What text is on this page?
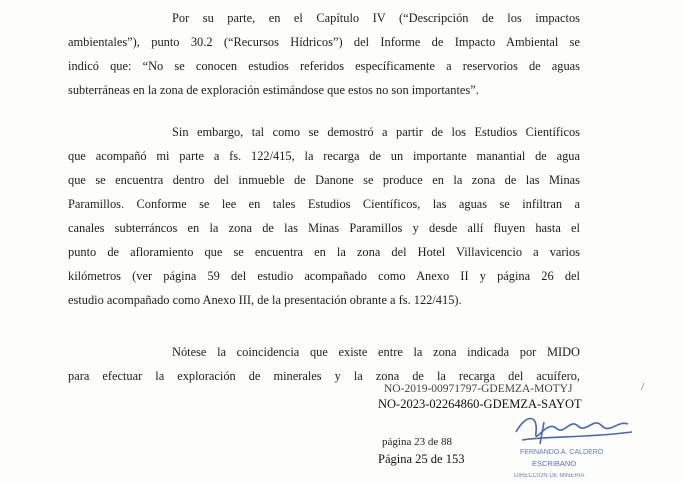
Por su parte, en el Capítulo IV (“Descripción de los impactos
ambientales”), punto 30.2 (“Recursos Hídricos”) del Informe de Impacto Ambiental se
indicó que: “No se conocen estudios referidos específicamente a reservorios de aguas
subterráneas en la zona de exploración estimándose que estos no son importantes”.
Sin embargo, tal como se demostró a partir de los Estudios Científicos
que acompañó mi parte a fs. 122/415, la recarga de un importante manantial de agua
que se encuentra dentro del inmueble de Danone se produce en la zona de las Minas
Paramillos. Conforme se lee en tales Estudios Científicos, las aguas se infiltran a
canales subterráncos en la zona de las Minas Paramillos y desde allí fluyen hasta el
punto de afloramiento que se encuentra en la zona del Hotel Villavicencio a varios
kilómetros (ver página 59 del estudio acompañado como Anexo II y página 26 del
estudio acompañado como Anexo III, de la presentación obrante a fs. 122/415).
Nótese la coincidencia que existe entre la zona indicada por MIDO
para efectuar la exploración de minerales y la zona de la recarga del acuífero,
NO-2019-00971797-GDEMZA-MOTYJ
NO-2023-02264860-GDEMZA-SAYOT
/
FERNANDO A. CALDERO
ESCRIBANO
DIRECCION DE MINERIA
página 23 de 88
Página 25 de 153
